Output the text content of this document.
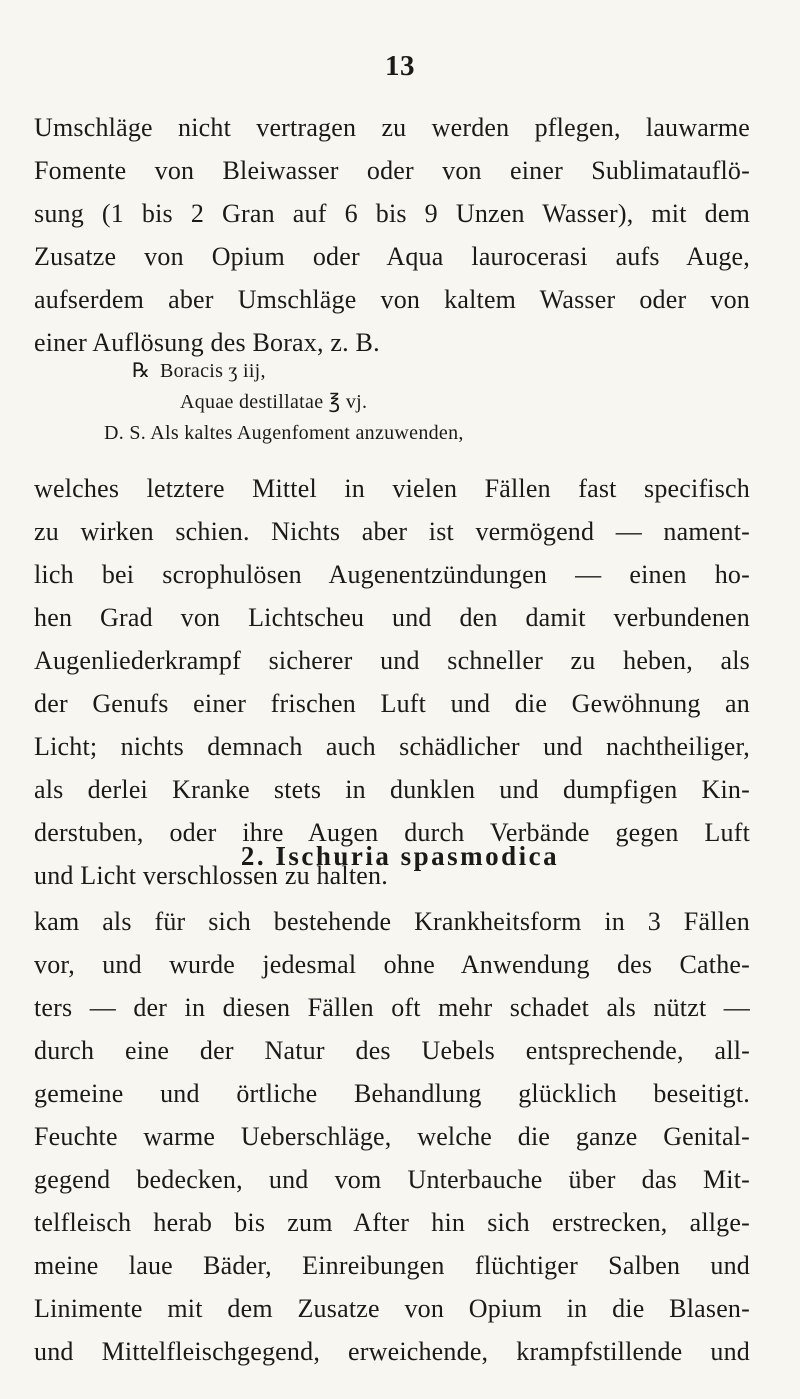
13
Umschläge nicht vertragen zu werden pflegen, lauwarme
Fomente von Bleiwasser oder von einer Sublimatauflö-
sung (1 bis 2 Gran auf 6 bis 9 Unzen Wasser), mit dem
Zusatze von Opium oder Aqua laurocerasi aufs Auge,
aufserdem aber Umschläge von kaltem Wasser oder von
einer Auflösung des Borax, z. B.
℞ Boracis ʒ iij,
Aquae destillatae ℥ vj.
D. S. Als kaltes Augenfoment anzuwenden,
welches letztere Mittel in vielen Fällen fast specifisch
zu wirken schien. Nichts aber ist vermögend — nament-
lich bei scrophulösen Augenentzündungen — einen ho-
hen Grad von Lichtscheu und den damit verbundenen
Augenliederkrampf sicherer und schneller zu heben, als
der Genufs einer frischen Luft und die Gewöhnung an
Licht; nichts demnach auch schädlicher und nachtheiliger,
als derlei Kranke stets in dunklen und dumpfigen Kin-
derstuben, oder ihre Augen durch Verbände gegen Luft
und Licht verschlossen zu halten.
2. Ischuria spasmodica
kam als für sich bestehende Krankheitsform in 3 Fällen
vor, und wurde jedesmal ohne Anwendung des Cathe-
ters — der in diesen Fällen oft mehr schadet als nützt —
durch eine der Natur des Uebels entsprechende, all-
gemeine und örtliche Behandlung glücklich beseitigt.
Feuchte warme Ueberschläge, welche die ganze Genital-
gegend bedecken, und vom Unterbauche über das Mit-
telfleisch herab bis zum After hin sich erstrecken, allge-
meine laue Bäder, Einreibungen flüchtiger Salben und
Linimente mit dem Zusatze von Opium in die Blasen-
und Mittelfleischgegend, erweichende, krampfstillende und
